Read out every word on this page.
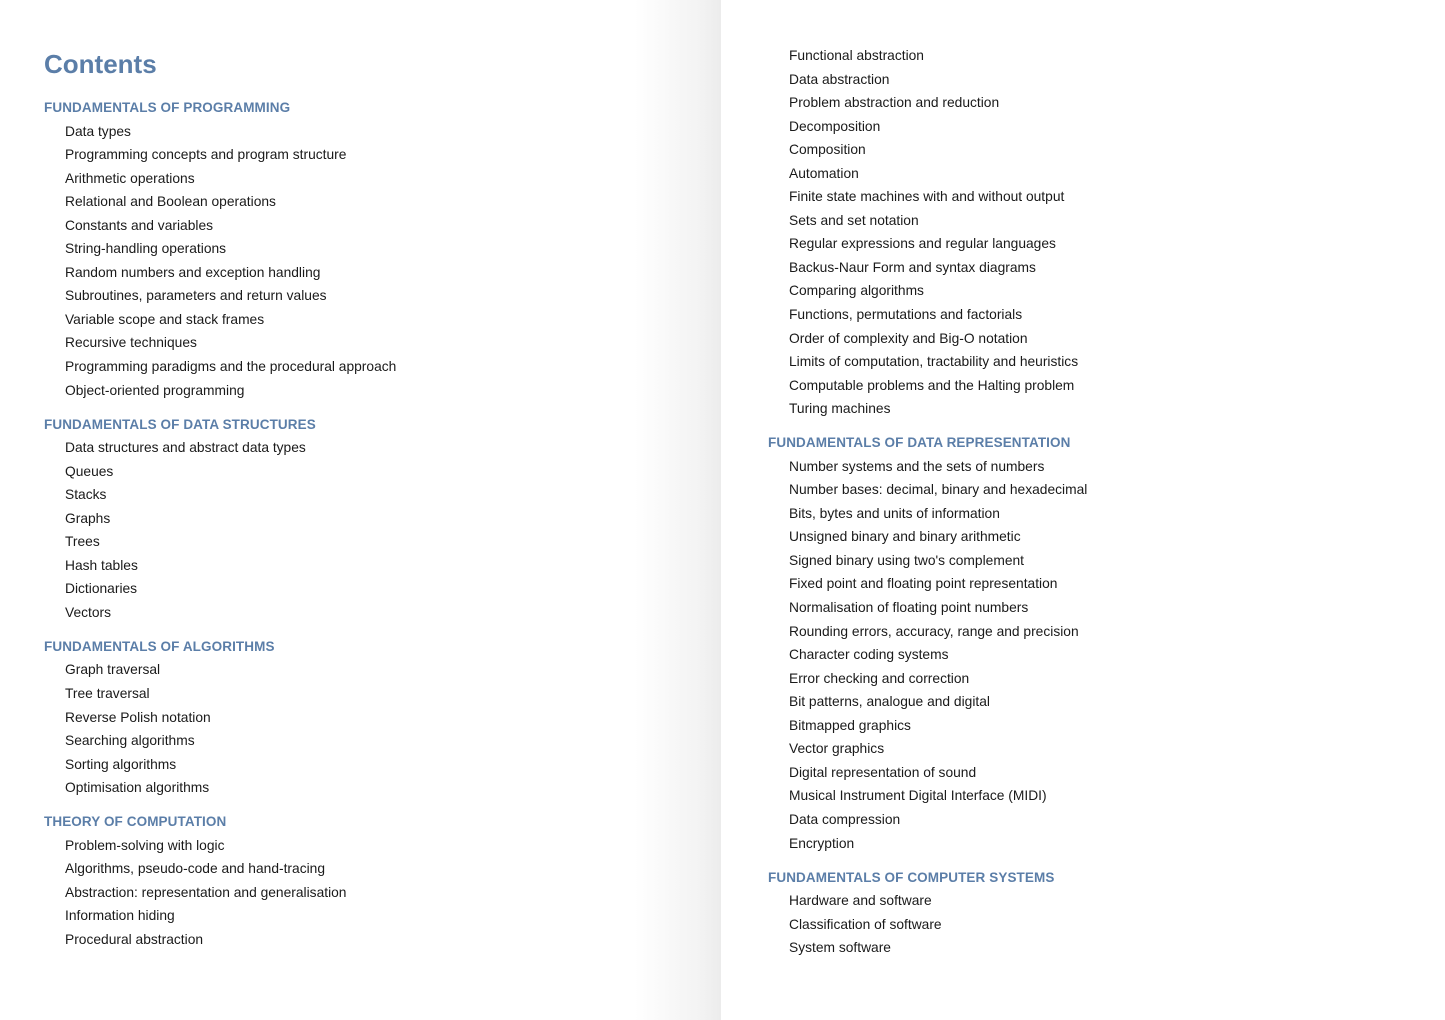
Contents
FUNDAMENTALS OF PROGRAMMING
Data types
Programming concepts and program structure
Arithmetic operations
Relational and Boolean operations
Constants and variables
String-handling operations
Random numbers and exception handling
Subroutines, parameters and return values
Variable scope and stack frames
Recursive techniques
Programming paradigms and the procedural approach
Object-oriented programming
FUNDAMENTALS OF DATA STRUCTURES
Data structures and abstract data types
Queues
Stacks
Graphs
Trees
Hash tables
Dictionaries
Vectors
FUNDAMENTALS OF ALGORITHMS
Graph traversal
Tree traversal
Reverse Polish notation
Searching algorithms
Sorting algorithms
Optimisation algorithms
THEORY OF COMPUTATION
Problem-solving with logic
Algorithms, pseudo-code and hand-tracing
Abstraction: representation and generalisation
Information hiding
Procedural abstraction
Functional abstraction
Data abstraction
Problem abstraction and reduction
Decomposition
Composition
Automation
Finite state machines with and without output
Sets and set notation
Regular expressions and regular languages
Backus-Naur Form and syntax diagrams
Comparing algorithms
Functions, permutations and factorials
Order of complexity and Big-O notation
Limits of computation, tractability and heuristics
Computable problems and the Halting problem
Turing machines
FUNDAMENTALS OF DATA REPRESENTATION
Number systems and the sets of numbers
Number bases: decimal, binary and hexadecimal
Bits, bytes and units of information
Unsigned binary and binary arithmetic
Signed binary using two's complement
Fixed point and floating point representation
Normalisation of floating point numbers
Rounding errors, accuracy, range and precision
Character coding systems
Error checking and correction
Bit patterns, analogue and digital
Bitmapped graphics
Vector graphics
Digital representation of sound
Musical Instrument Digital Interface (MIDI)
Data compression
Encryption
FUNDAMENTALS OF COMPUTER SYSTEMS
Hardware and software
Classification of software
System software
